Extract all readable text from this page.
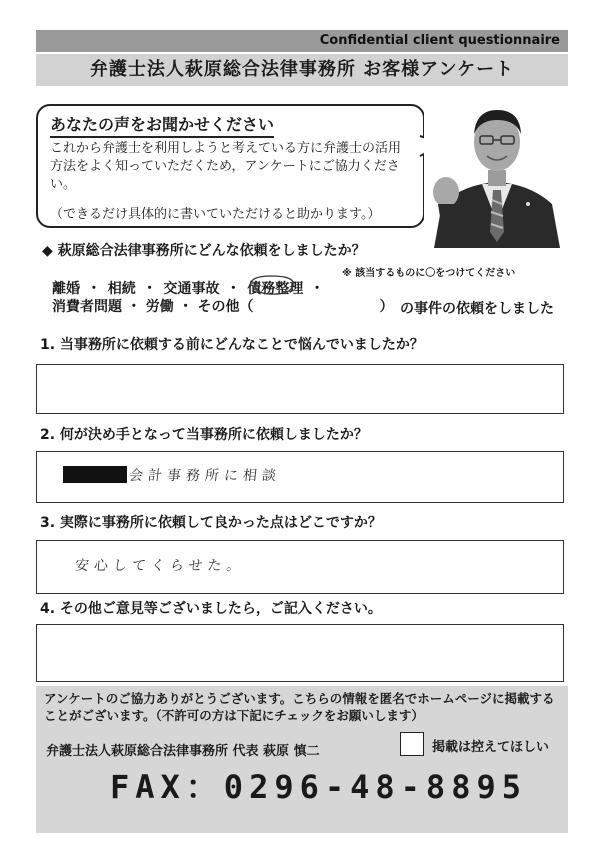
Confidential client questionnaire
弁護士法人萩原総合法律事務所 お客様アンケート
あなたの声をお聞かせください
これから弁護士を利用しようと考えている方に弁護士の活用方法をよく知っていただくため，アンケートにご協力ください。
（できるだけ具体的に書いていただけると助かります。）
◆ 萩原総合法律事務所にどんな依頼をしましたか？
※ 該当するものに〇をつけてください
離婚 ・ 相続 ・ 交通事故 ・ 債務整理 ・
消費者問題 ・ 労働 ・ その他（　　　　　　　　　） の事件の依頼をしました
1. 当事務所に依頼する前にどんなことで悩んでいましたか？
2. 何が決め手となって当事務所に依頼しましたか？
会計事務所に相談
3. 実際に事務所に依頼して良かった点はどこですか？
安心してくらせた。
4. その他ご意見等ございましたら，ご記入ください。
アンケートのご協力ありがとうございます。こちらの情報を匿名でホームページに掲載することがございます。（不許可の方は下記にチェックをお願いします）
弁護士法人萩原総合法律事務所 代表 萩原 慎二	掲載は控えてほしい
FAX：0296-48-8895
